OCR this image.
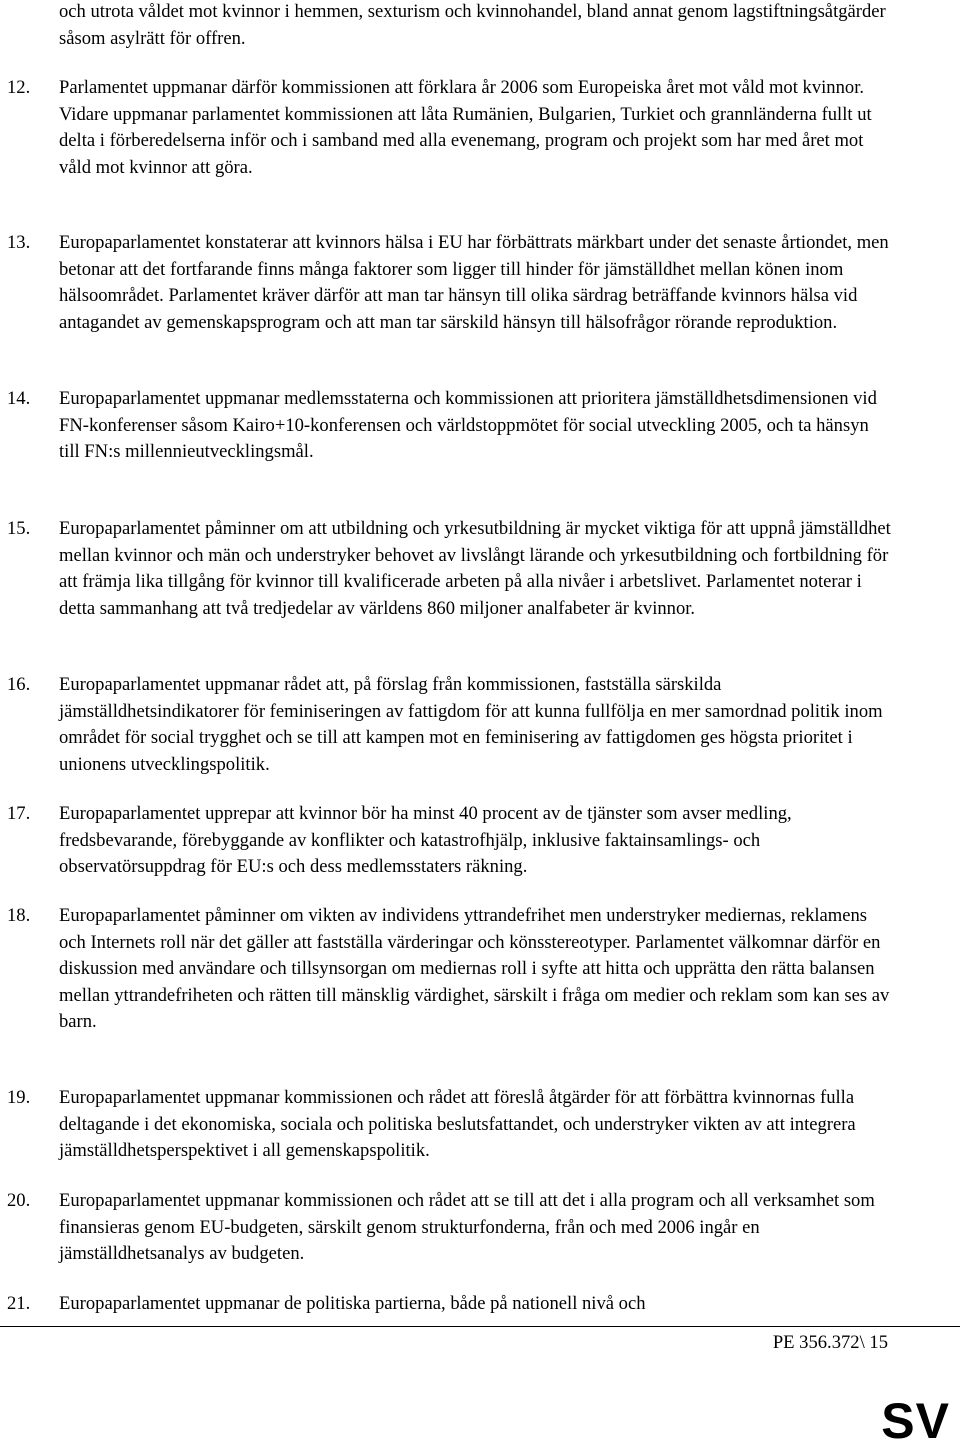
och utrota våldet mot kvinnor i hemmen, sexturism och kvinnohandel, bland annat genom lagstiftningsåtgärder såsom asylrätt för offren.

12. Parlamentet uppmanar därför kommissionen att förklara år 2006 som Europeiska året mot våld mot kvinnor. Vidare uppmanar parlamentet kommissionen att låta Rumänien, Bulgarien, Turkiet och grannländerna fullt ut delta i förberedelserna inför och i samband med alla evenemang, program och projekt som har med året mot våld mot kvinnor att göra.

13. Europaparlamentet konstaterar att kvinnors hälsa i EU har förbättrats märkbart under det senaste årtiondet, men betonar att det fortfarande finns många faktorer som ligger till hinder för jämställdhet mellan könen inom hälsoområdet. Parlamentet kräver därför att man tar hänsyn till olika särdrag beträffande kvinnors hälsa vid antagandet av gemenskapsprogram och att man tar särskild hänsyn till hälsofrågor rörande reproduktion.

14. Europaparlamentet uppmanar medlemsstaterna och kommissionen att prioritera jämställdhetsdimensionen vid FN-konferenser såsom Kairo+10-konferensen och världstoppmötet för social utveckling 2005, och ta hänsyn till FN:s millennieutvecklingsmål.

15. Europaparlamentet påminner om att utbildning och yrkesutbildning är mycket viktiga för att uppnå jämställdhet mellan kvinnor och män och understryker behovet av livslångt lärande och yrkesutbildning och fortbildning för att främja lika tillgång för kvinnor till kvalificerade arbeten på alla nivåer i arbetslivet. Parlamentet noterar i detta sammanhang att två tredjedelar av världens 860 miljoner analfabeter är kvinnor.

16. Europaparlamentet uppmanar rådet att, på förslag från kommissionen, fastställa särskilda jämställdhetsindikatorer för feminiseringen av fattigdom för att kunna fullfölja en mer samordnad politik inom området för social trygghet och se till att kampen mot en feminisering av fattigdomen ges högsta prioritet i unionens utvecklingspolitik.

17. Europaparlamentet upprepar att kvinnor bör ha minst 40 procent av de tjänster som avser medling, fredsbevarande, förebyggande av konflikter och katastrofhjälp, inklusive faktainsamlings- och observatörsuppdrag för EU:s och dess medlemsstaters räkning.

18. Europaparlamentet påminner om vikten av individens yttrandefrihet men understryker mediernas, reklamens och Internets roll när det gäller att fastställa värderingar och könsstereotyper. Parlamentet välkomnar därför en diskussion med användare och tillsynsorgan om mediernas roll i syfte att hitta och upprätta den rätta balansen mellan yttrandefriheten och rätten till mänsklig värdighet, särskilt i fråga om medier och reklam som kan ses av barn.

19. Europaparlamentet uppmanar kommissionen och rådet att föreslå åtgärder för att förbättra kvinnornas fulla deltagande i det ekonomiska, sociala och politiska beslutsfattandet, och understryker vikten av att integrera jämställdhetsperspektivet i all gemenskapspolitik.

20. Europaparlamentet uppmanar kommissionen och rådet att se till att det i alla program och all verksamhet som finansieras genom EU-budgeten, särskilt genom strukturfonderna, från och med 2006 ingår en jämställdhetsanalys av budgeten.

21. Europaparlamentet uppmanar de politiska partierna, både på nationell nivå och

PE 356.372\ 15
SV
